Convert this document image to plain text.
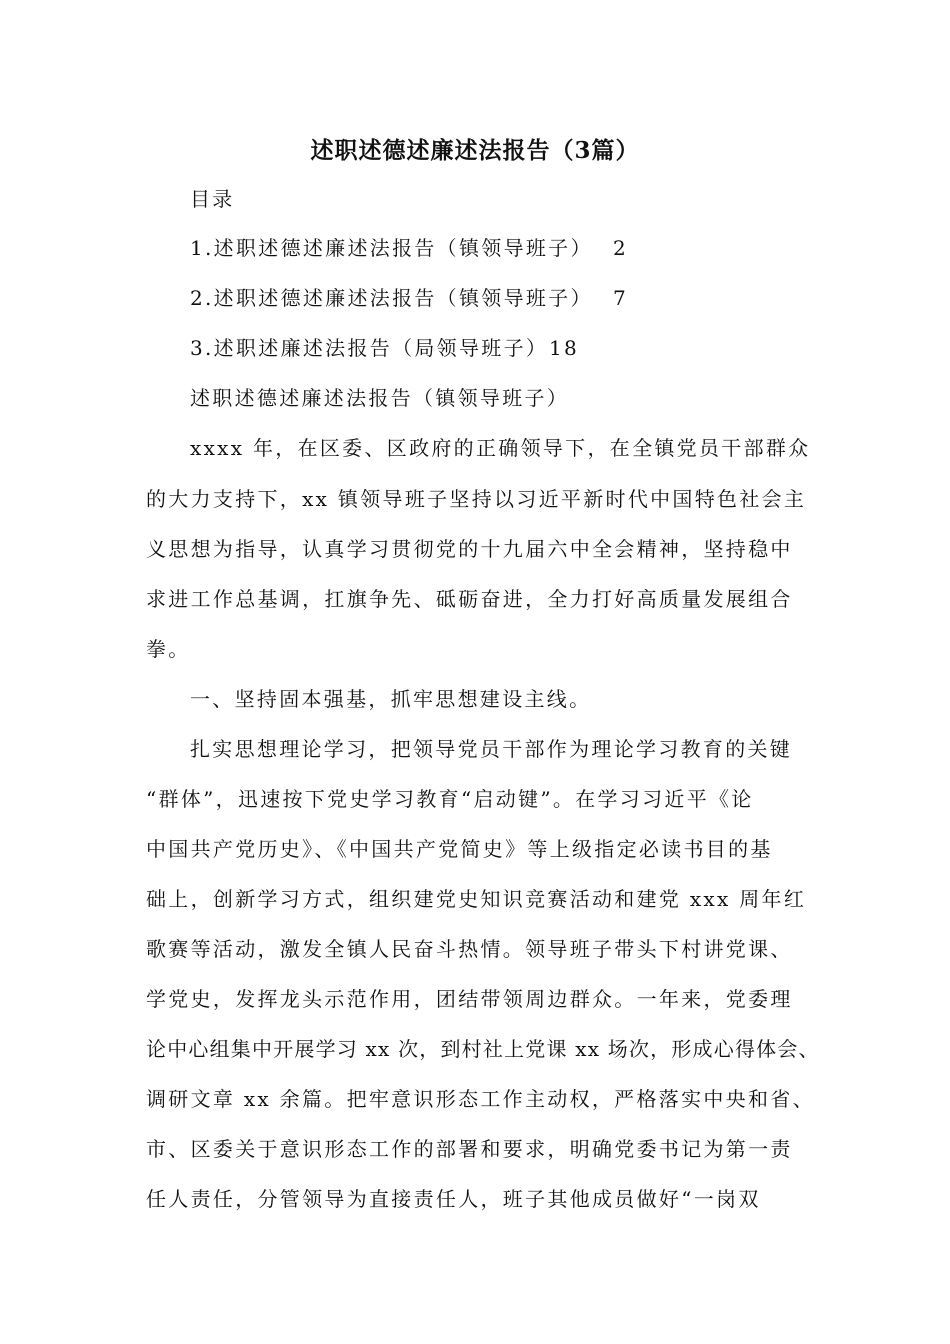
述职述德述廉述法报告（3篇）
目录
1.述职述德述廉述法报告（镇领导班子） 2
2.述职述德述廉述法报告（镇领导班子） 7
3.述职述廉述法报告（局领导班子） 18
述职述德述廉述法报告（镇领导班子）
xxxx 年，在区委、区政府的正确领导下，在全镇党员干部群众
的大力支持下，xx 镇领导班子坚持以习近平新时代中国特色社会主
义思想为指导，认真学习贯彻党的十九届六中全会精神，坚持稳中
求进工作总基调，扛旗争先、砥砺奋进，全力打好高质量发展组合
拳。
一、坚持固本强基，抓牢思想建设主线。
扎实思想理论学习，把领导党员干部作为理论学习教育的关键
“群体”，迅速按下党史学习教育“启动键”。在学习习近平《论
中国共产党历史》、《中国共产党简史》等上级指定必读书目的基
础上，创新学习方式，组织建党史知识竞赛活动和建党 xxx 周年红
歌赛等活动，激发全镇人民奋斗热情。领导班子带头下村讲党课、
学党史，发挥龙头示范作用，团结带领周边群众。一年来，党委理
论中心组集中开展学习 xx 次，到村社上党课 xx 场次，形成心得体会、
调研文章 xx 余篇。把牢意识形态工作主动权，严格落实中央和省、
市、区委关于意识形态工作的部署和要求，明确党委书记为第一责
任人责任，分管领导为直接责任人，班子其他成员做好“一岗双
